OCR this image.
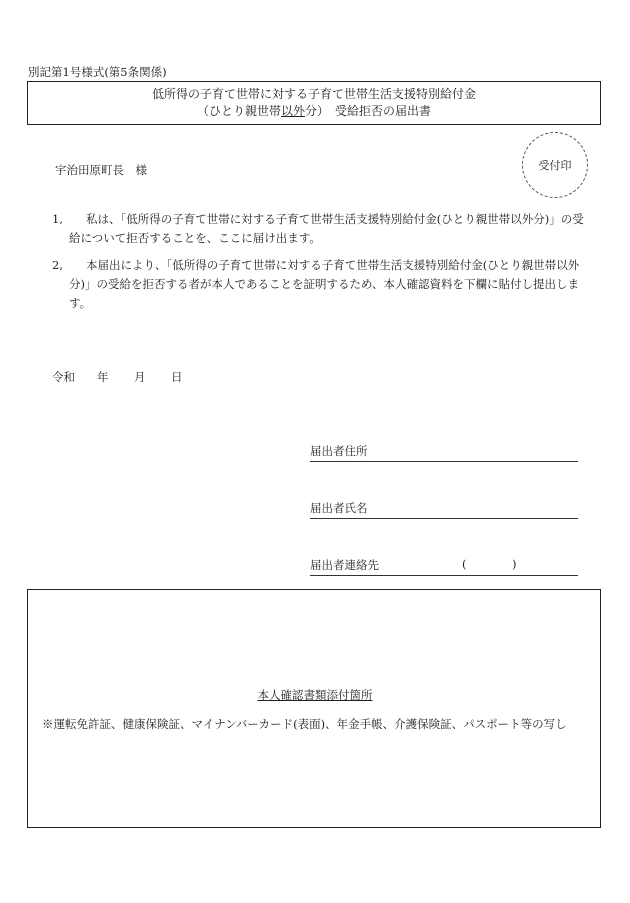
別記第1号様式(第5条関係)
低所得の子育て世帯に対する子育て世帯生活支援特別給付金
（ひとり親世帯以外分）　受給拒否の届出書
宇治田原町長　様	受付印
1,	私は、「低所得の子育て世帯に対する子育て世帯生活支援特別給付金(ひとり親世帯以外分)」の受給について拒否することを、ここに届け出ます。
2,	本届出により、「低所得の子育て世帯に対する子育て世帯生活支援特別給付金(ひとり親世帯以外分)」の受給を拒否する者が本人であることを証明するため、本人確認資料を下欄に貼付し提出します。
令和 年 月 日
届出者住所
届出者氏名
届出者連絡先	(	)
本人確認書類添付箇所
※運転免許証、健康保険証、マイナンバーカード(表面)、年金手帳、介護保険証、パスポート等の写し
